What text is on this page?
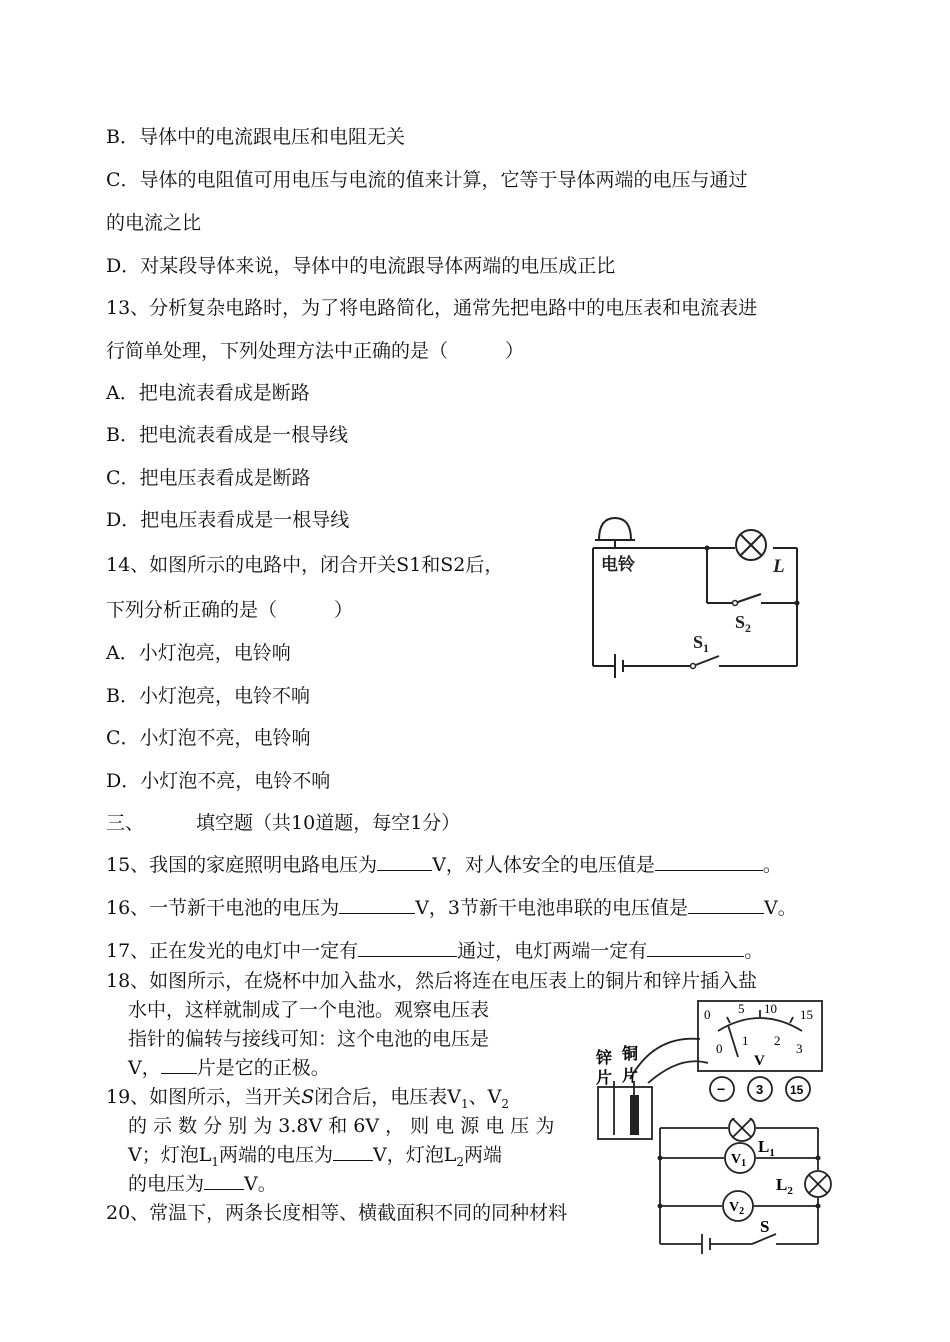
B．导体中的电流跟电压和电阻无关
C．导体的电阻值可用电压与电流的值来计算，它等于导体两端的电压与通过
的电流之比
D．对某段导体来说，导体中的电流跟导体两端的电压成正比
13、分析复杂电路时，为了将电路简化，通常先把电路中的电压表和电流表进
行简单处理，下列处理方法中正确的是（　　　）
A．把电流表看成是断路
B．把电流表看成是一根导线
C．把电压表看成是断路
D．把电压表看成是一根导线
14、如图所示的电路中，闭合开关S1和S2后，
下列分析正确的是（　　　）
A．小灯泡亮，电铃响
B．小灯泡亮，电铃不响
C．小灯泡不亮，电铃响
D．小灯泡不亮，电铃不响
电铃	L
$S_2$
$S_1$
三、	填空题（共10道题，每空1分）
15、我国的家庭照明电路电压为	V，对人体安全的电压值是	。
16、一节新干电池的电压为	V，3节新干电池串联的电压值是	V。
17、正在发光的电灯中一定有	通过，电灯两端一定有	。
18、如图所示，在烧杯中加入盐水，然后将连在电压表上的铜片和锌片插入盐
水中，这样就制成了一个电池。观察电压表
指针的偏转与接线可知：这个电池的电压是
V， 片是它的正极。
19、如图所示，当开关S闭合后，电压表$V_1$、$V_2$
的 示 数 分 别 为 3.8V 和 6V ， 则 电 源 电 压 为
V；灯泡$L_1$两端的电压为 V，灯泡$L_2$两端
的电压为 V。
20、常温下，两条长度相等、横截面积不同的同种材料
0 5 10 15
0
1 2
3
V
− 3 15
锌
片
铜
片
$L_1$
$L_2$
$V_1$
$V_2$
S
